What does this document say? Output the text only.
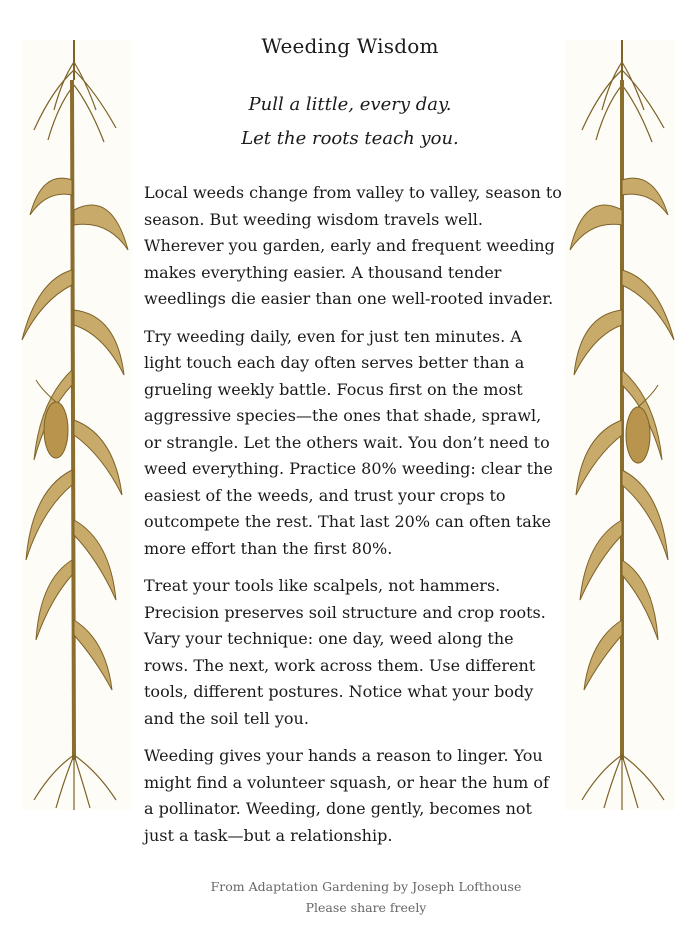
Weeding Wisdom
Pull a little, every day.
Let the roots teach you.

Local weeds change from valley to valley, season to season. But weeding wisdom travels well. Wherever you garden, early and frequent weeding makes everything easier. A thousand tender weedlings die easier than one well-rooted invader.

Try weeding daily, even for just ten minutes. A light touch each day often serves better than a grueling weekly battle. Focus first on the most aggressive species—the ones that shade, sprawl, or strangle. Let the others wait. You don’t need to weed everything. Practice 80% weeding: clear the easiest of the weeds, and trust your crops to outcompete the rest. That last 20% can often take more effort than the first 80%.

Treat your tools like scalpels, not hammers. Precision preserves soil structure and crop roots. Vary your technique: one day, weed along the rows. The next, work across them. Use different tools, different postures. Notice what your body and the soil tell you.

Weeding gives your hands a reason to linger. You might find a volunteer squash, or hear the hum of a pollinator. Weeding, done gently, becomes not just a task—but a relationship.

From Adaptation Gardening by Joseph Lofthouse
Please share freely
